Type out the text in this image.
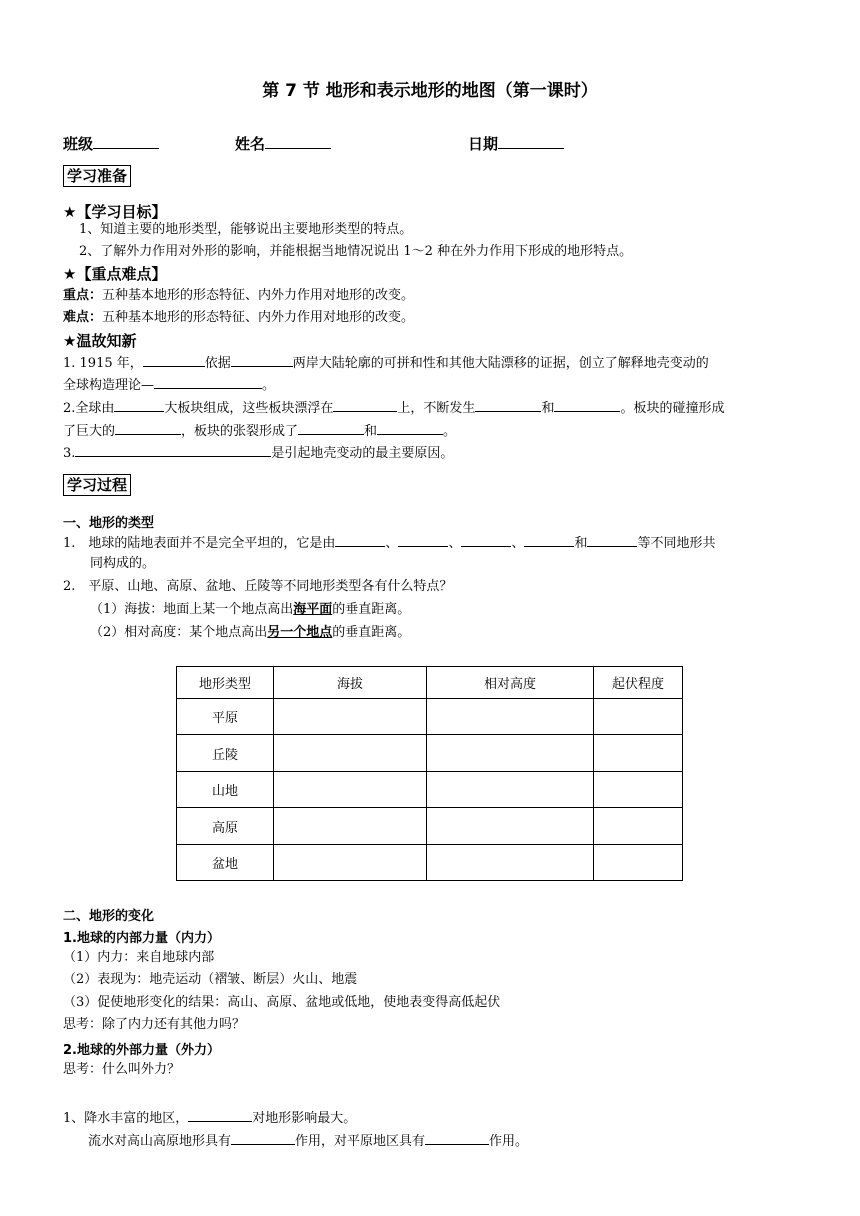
第 7 节 地形和表示地形的地图（第一课时）
班级	姓名	日期
学习准备
★【学习目标】
1、知道主要的地形类型，能够说出主要地形类型的特点。
2、了解外力作用对外形的影响，并能根据当地情况说出 1～2 种在外力作用下形成的地形特点。
★【重点难点】
重点：五种基本地形的形态特征、内外力作用对地形的改变。
难点：五种基本地形的形态特征、内外力作用对地形的改变。
★温故知新
1. 1915 年，	依据	两岸大陆轮廓的可拼和性和其他大陆漂移的证据，创立了解释地壳变动的
全球构造理论—	。
2.全球由	大板块组成，这些板块漂浮在	上，不断发生	和	。板块的碰撞形成
了巨大的	，板块的张裂形成了	和	。
3.	是引起地壳变动的最主要原因。
学习过程
一、地形的类型
1. 地球的陆地表面并不是完全平坦的，它是由	、	、	、	和	等不同地形共
同构成的。
2. 平原、山地、高原、盆地、丘陵等不同地形类型各有什么特点？
（1）海拔：地面上某一个地点高出海平面的垂直距离。
（2）相对高度：某个地点高出另一个地点的垂直距离。
地形类型	海拔	相对高度	起伏程度
平原			
丘陵			
山地			
高原			
盆地			
二、地形的变化
1.地球的内部力量（内力）
（1）内力：来自地球内部
（2）表现为：地壳运动（褶皱、断层）火山、地震
（3）促使地形变化的结果：高山、高原、盆地或低地，使地表变得高低起伏
思考：除了内力还有其他力吗？
2.地球的外部力量（外力）
思考：什么叫外力？
1、降水丰富的地区，	对地形影响最大。
流水对高山高原地形具有	作用，对平原地区具有	作用。
